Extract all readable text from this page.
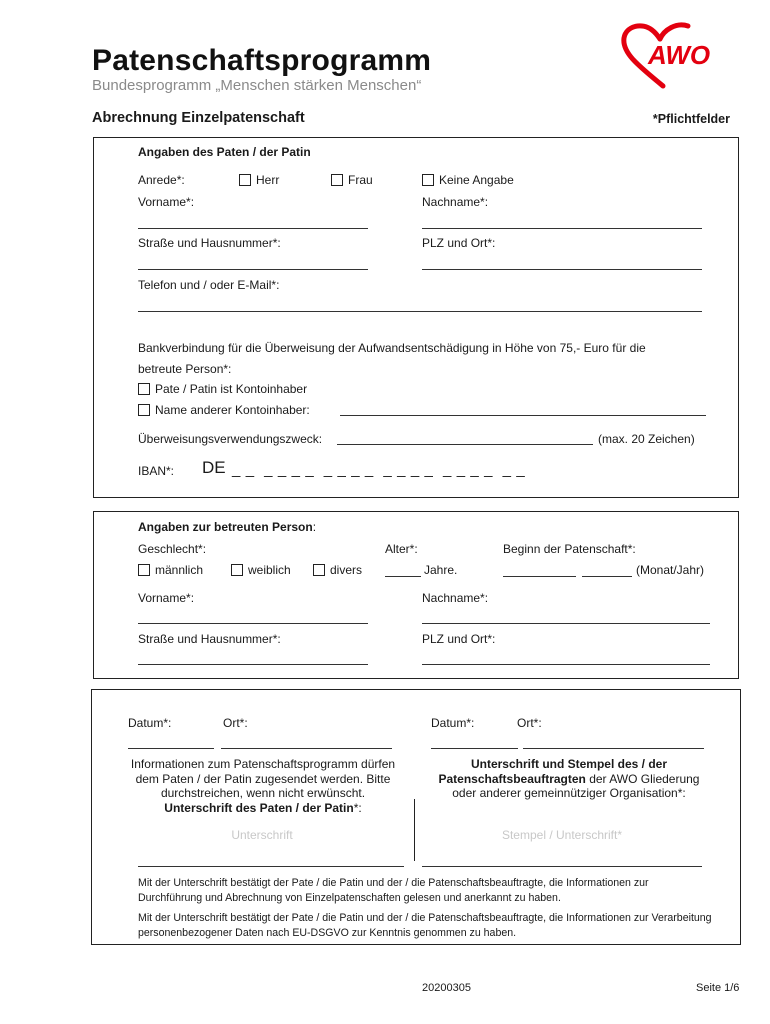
Patenschaftsprogramm
Bundesprogramm „Menschen stärken Menschen“
AWO
Abrechnung Einzelpatenschaft	*Pflichtfelder
Angaben des Paten / der Patin
Anrede*:	Herr	Frau	Keine Angabe
Vorname*:	Nachname*:
Straße und Hausnummer*:	PLZ und Ort*:
Telefon und / oder E-Mail*:
Bankverbindung für die Überweisung der Aufwandsentschädigung in Höhe von 75,- Euro für die
betreute Person*:
Pate / Patin ist Kontoinhaber
Name anderer Kontoinhaber:
Überweisungsverwendungszweck:	(max. 20 Zeichen)
IBAN*: DE _ _  _ _ _ _  _ _ _ _  _ _ _ _  _ _ _ _  _ _
Angaben zur betreuten Person:
Geschlecht*:	Alter*:	Beginn der Patenschaft*:
männlich	weiblich	divers	Jahre.	(Monat/Jahr)
Vorname*:	Nachname*:
Straße und Hausnummer*:	PLZ und Ort*:
Datum*:	Ort*:	Datum*:	Ort*:
Informationen zum Patenschaftsprogramm dürfen
dem Paten / der Patin zugesendet werden. Bitte
durchstreichen, wenn nicht erwünscht.
Unterschrift des Paten / der Patin*:
Unterschrift und Stempel des / der
Patenschaftsbeauftragten der AWO Gliederung
oder anderer gemeinnütziger Organisation*:
Unterschrift	Stempel / Unterschrift*
Mit der Unterschrift bestätigt der Pate / die Patin und der / die Patenschaftsbeauftragte, die Informationen zur Durchführung und Abrechnung von Einzelpatenschaften gelesen und anerkannt zu haben.
Mit der Unterschrift bestätigt der Pate / die Patin und der / die Patenschaftsbeauftragte, die Informationen zur Verarbeitung personenbezogener Daten nach EU-DSGVO zur Kenntnis genommen zu haben.
20200305	Seite 1/6
